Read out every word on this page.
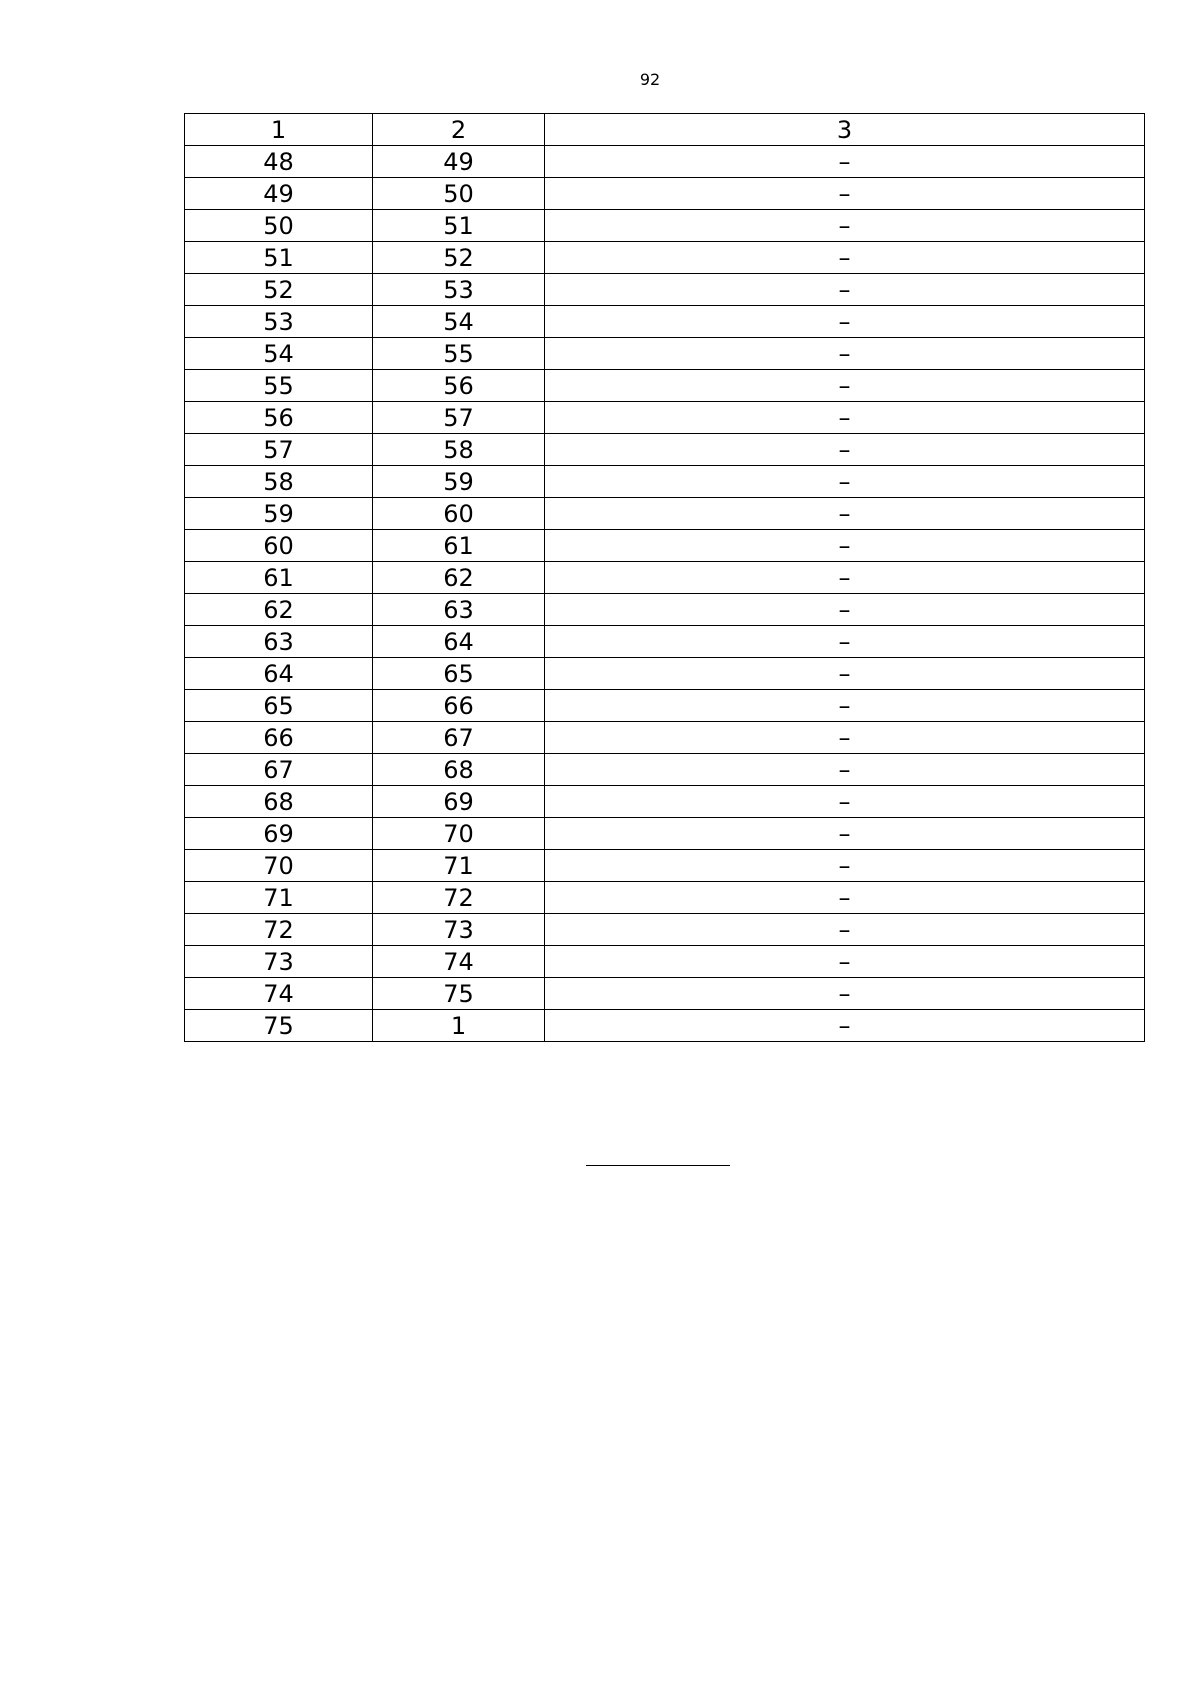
92
1	2	3
48	49	–
49	50	–
50	51	–
51	52	–
52	53	–
53	54	–
54	55	–
55	56	–
56	57	–
57	58	–
58	59	–
59	60	–
60	61	–
61	62	–
62	63	–
63	64	–
64	65	–
65	66	–
66	67	–
67	68	–
68	69	–
69	70	–
70	71	–
71	72	–
72	73	–
73	74	–
74	75	–
75	1	–
